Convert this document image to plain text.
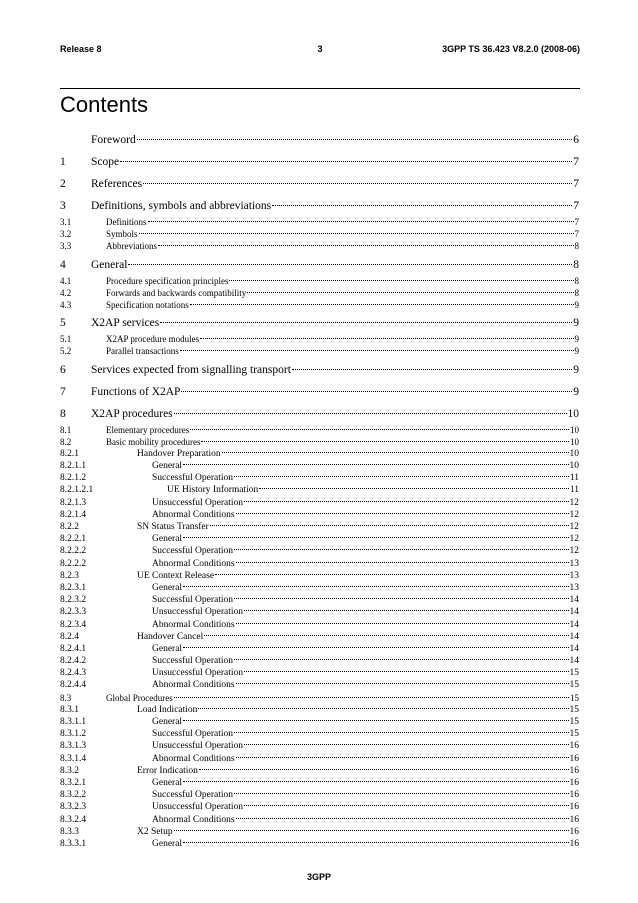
Release 8	3	3GPP TS 36.423 V8.2.0 (2008-06)
Contents
Foreword	6
1	Scope	7
2	References	7
3	Definitions, symbols and abbreviations	7
3.1	Definitions	7
3.2	Symbols	7
3.3	Abbreviations	8
4	General	8
4.1	Procedure specification principles	8
4.2	Forwards and backwards compatibility	8
4.3	Specification notations	9
5	X2AP services	9
5.1	X2AP procedure modules	9
5.2	Parallel transactions	9
6	Services expected from signalling transport	9
7	Functions of X2AP	9
8	X2AP procedures	10
8.1	Elementary procedures	10
8.2	Basic mobility procedures	10
8.2.1	Handover Preparation	10
8.2.1.1	General	10
8.2.1.2	Successful Operation	11
8.2.1.2.1	UE History Information	11
8.2.1.3	Unsuccessful Operation	12
8.2.1.4	Abnormal Conditions	12
8.2.2	SN Status Transfer	12
8.2.2.1	General	12
8.2.2.2	Successful Operation	12
8.2.2.2	Abnormal Conditions	13
8.2.3	UE Context Release	13
8.2.3.1	General	13
8.2.3.2	Successful Operation	14
8.2.3.3	Unsuccessful Operation	14
8.2.3.4	Abnormal Conditions	14
8.2.4	Handover Cancel	14
8.2.4.1	General	14
8.2.4.2	Successful Operation	14
8.2.4.3	Unsuccessful Operation	15
8.2.4.4	Abnormal Conditions	15
8.3	Global Procedures	15
8.3.1	Load Indication	15
8.3.1.1	General	15
8.3.1.2	Successful Operation	15
8.3.1.3	Unsuccessful Operation	16
8.3.1.4	Abnormal Conditions	16
8.3.2	Error Indication	16
8.3.2.1	General	16
8.3.2.2	Successful Operation	16
8.3.2.3	Unsuccessful Operation	16
8.3.2.4	Abnormal Conditions	16
8.3.3	X2 Setup	16
8.3.3.1	General	16
3GPP
